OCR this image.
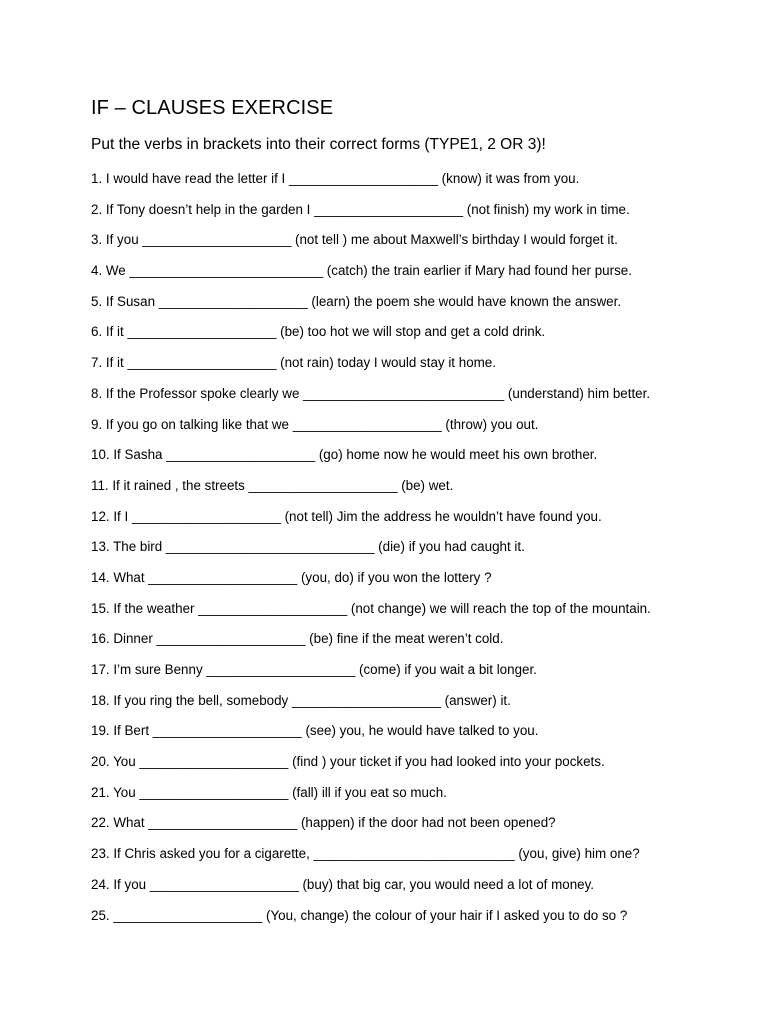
IF – CLAUSES EXERCISE
Put the verbs in brackets into their correct forms (TYPE1, 2 OR 3)!
1. I would have read the letter if I ____________________ (know) it was from you.
2. If Tony doesn’t help in the garden I ____________________ (not finish) my work in time.
3. If you ____________________ (not tell ) me about Maxwell’s birthday I would forget it.
4. We __________________________ (catch) the train earlier if Mary had found her purse.
5. If Susan ____________________ (learn) the poem she would have known the answer.
6. If it ____________________ (be) too hot we will stop and get a cold drink.
7. If it ____________________ (not rain) today I would stay it home.
8. If the Professor spoke clearly we ___________________________ (understand) him better.
9. If you go on talking like that we ____________________ (throw) you out.
10. If Sasha ____________________ (go) home now he would meet his own brother.
11. If it rained , the streets ____________________ (be) wet.
12. If I ____________________ (not tell) Jim the address he wouldn’t have found you.
13. The bird ____________________________ (die) if you had caught it.
14. What ____________________ (you, do) if you won the lottery ?
15. If the weather ____________________ (not change) we will reach the top of the mountain.
16. Dinner ____________________ (be) fine if the meat weren’t cold.
17. I’m sure Benny ____________________ (come) if you wait a bit longer.
18. If you ring the bell, somebody ____________________ (answer) it.
19. If Bert ____________________ (see) you, he would have talked to you.
20. You ____________________ (find ) your ticket if you had looked into your pockets.
21. You ____________________ (fall) ill if you eat so much.
22. What ____________________ (happen) if the door had not been opened?
23. If Chris asked you for a cigarette, ___________________________ (you, give) him one?
24. If you ____________________ (buy) that big car, you would need a lot of money.
25. ____________________ (You, change) the colour of your hair if I asked you to do so ?
